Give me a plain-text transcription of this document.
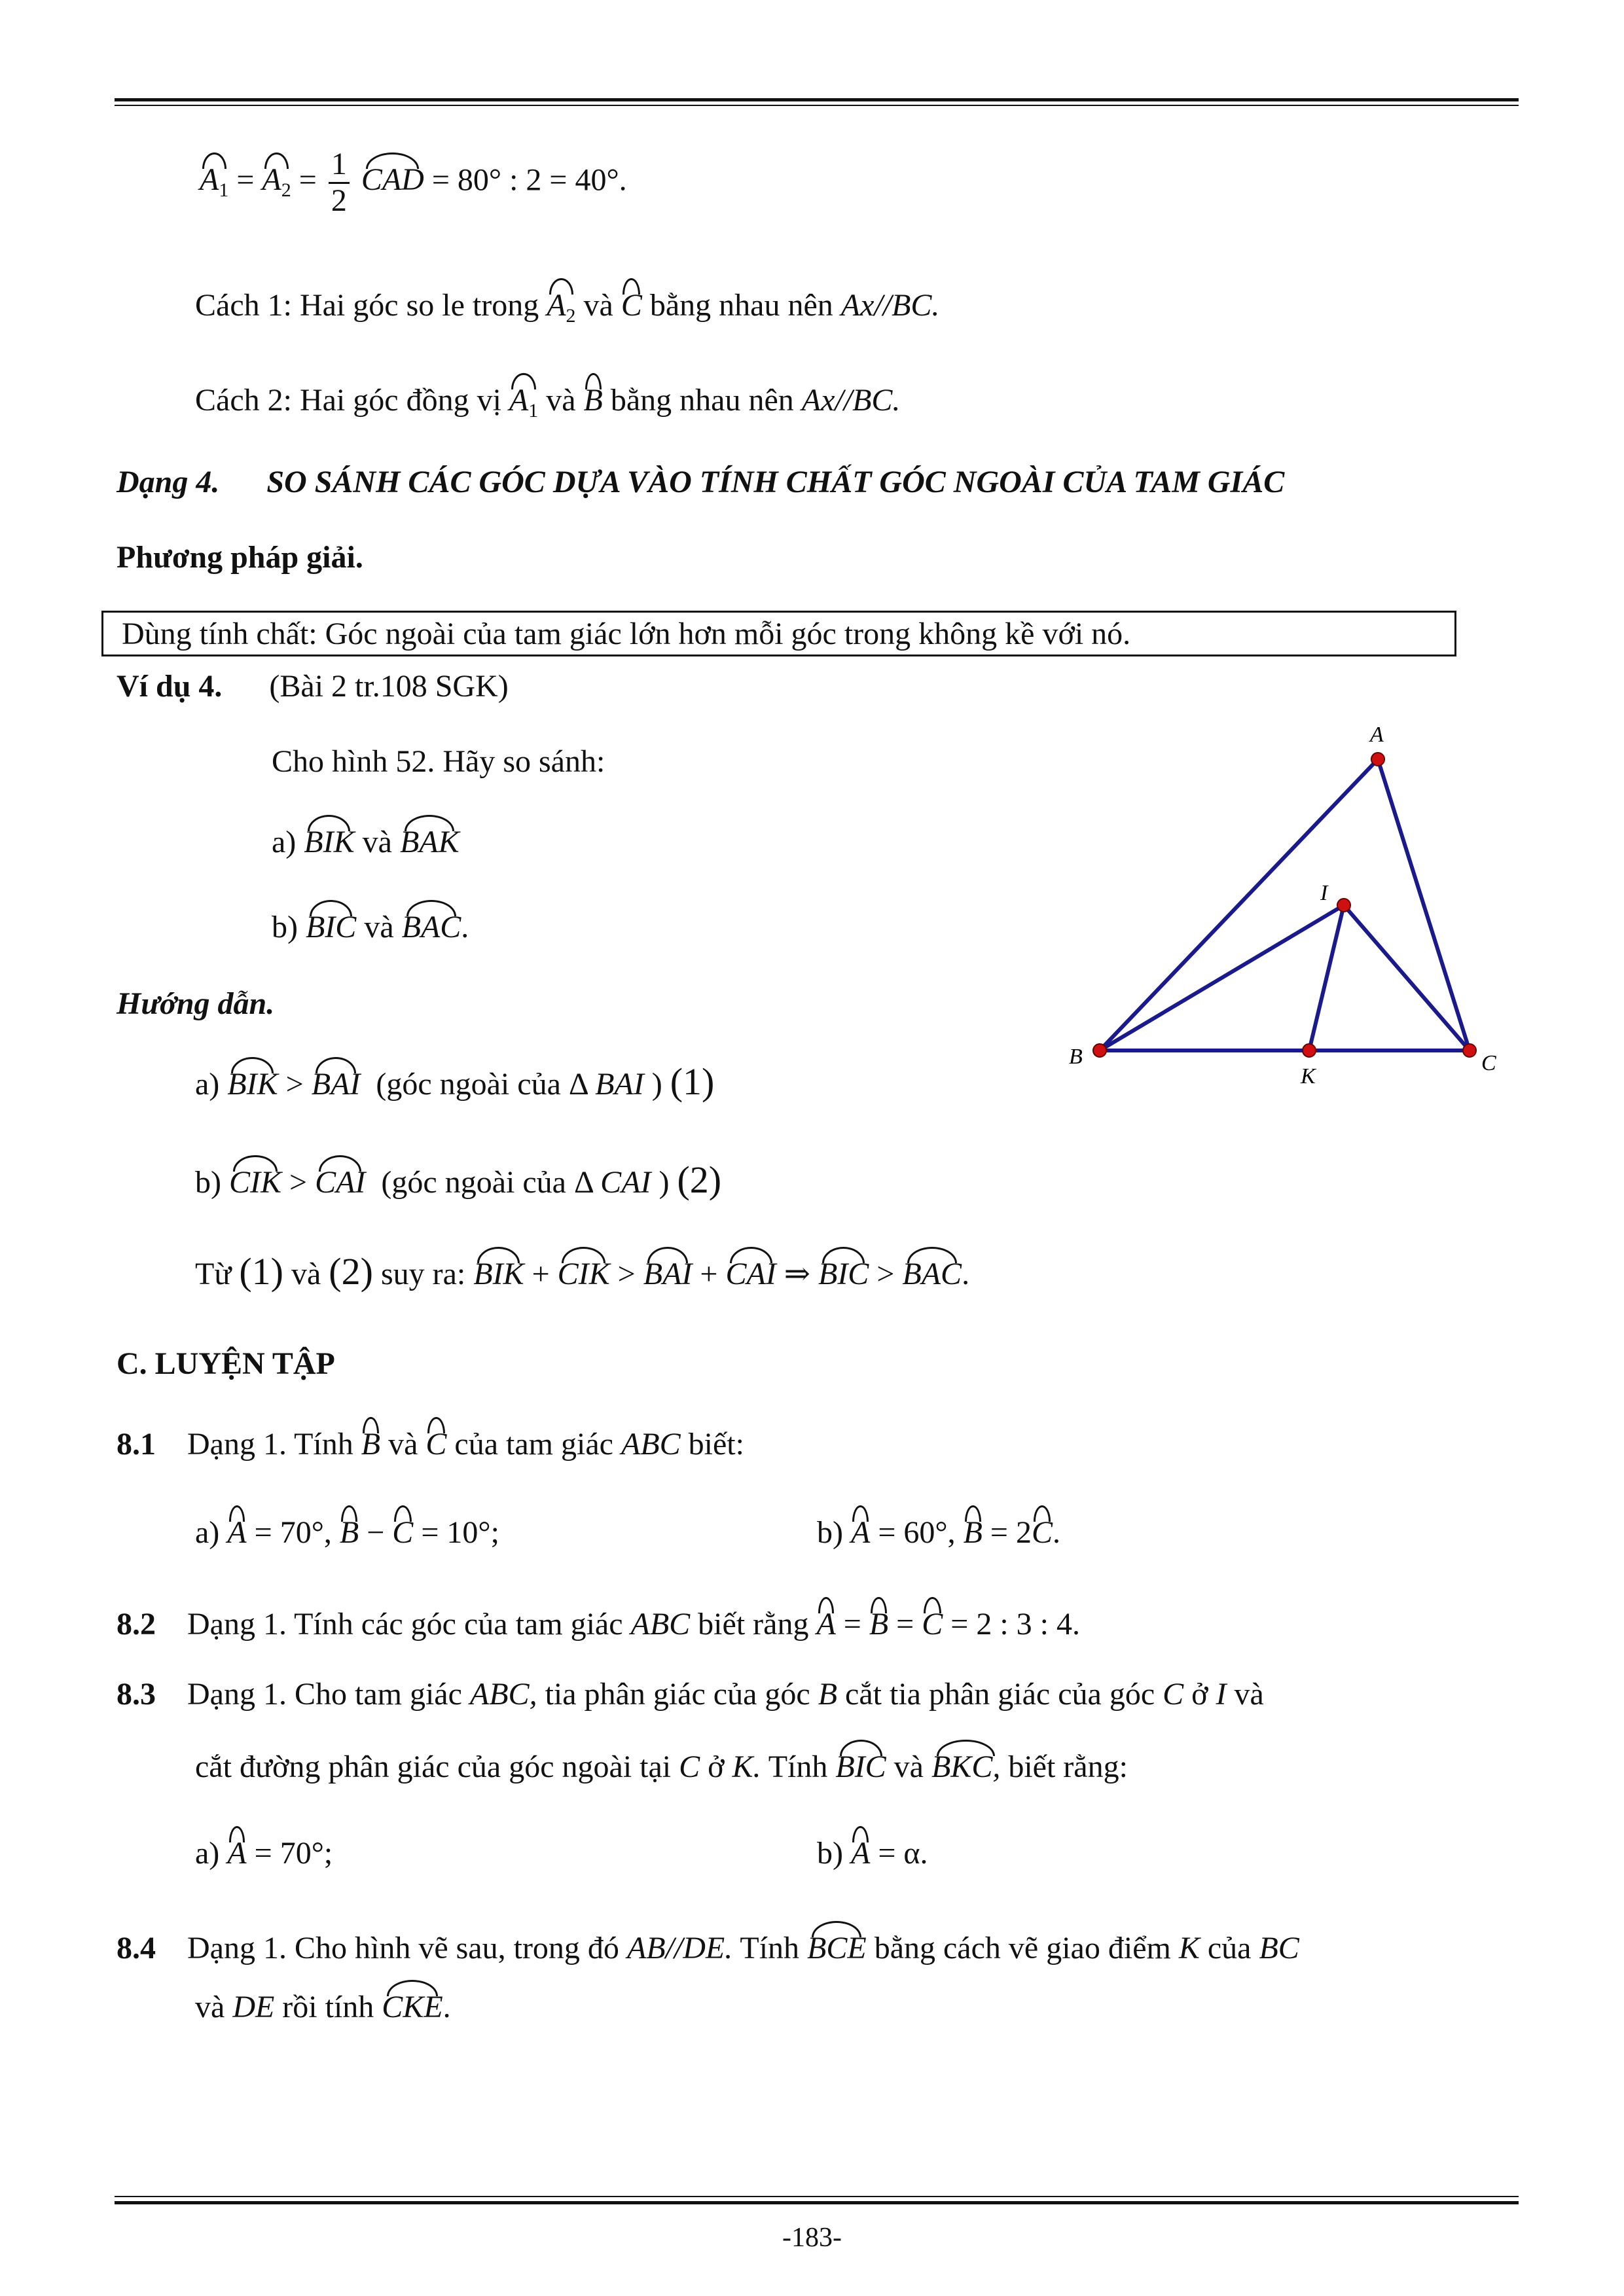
$A_1 = A_2 = \frac{1}{2}$ CAD = 80° : 2 = 40°.
Cách 1: Hai góc so le trong $A_2$ và C bằng nhau nên Ax//BC.
Cách 2: Hai góc đồng vị $A_1$ và B bằng nhau nên Ax//BC.
Dạng 4. SO SÁNH CÁC GÓC DỰA VÀO TÍNH CHẤT GÓC NGOÀI CỦA TAM GIÁC
Phương pháp giải.
Dùng tính chất: Góc ngoài của tam giác lớn hơn mỗi góc trong không kề với nó.
Ví dụ 4. (Bài 2 tr.108 SGK)
Cho hình 52. Hãy so sánh:
a) BIK và BAK
b) BIC và BAC.
A
B	C
I
K
Hướng dẫn.
a) BIK > BAI (góc ngoài của Δ BAI ) (1)
b) CIK > CAI (góc ngoài của Δ CAI ) (2)
Từ (1) và (2) suy ra: BIK + CIK > BAI + CAI ⇒ BIC > BAC.
C. LUYỆN TẬP
8.1 Dạng 1. Tính B và C của tam giác ABC biết:
a) A = 70°, B − C = 10°;	b) A = 60°, B = 2C.
8.2 Dạng 1. Tính các góc của tam giác ABC biết rằng A = B = C = 2 : 3 : 4.
8.3 Dạng 1. Cho tam giác ABC, tia phân giác của góc B cắt tia phân giác của góc C ở I và
cắt đường phân giác của góc ngoài tại C ở K. Tính BIC và BKC, biết rằng:
a) A = 70°;	b) A = α.
8.4 Dạng 1. Cho hình vẽ sau, trong đó AB//DE. Tính BCE bằng cách vẽ giao điểm K của BC
và DE rồi tính CKE.
-183-
